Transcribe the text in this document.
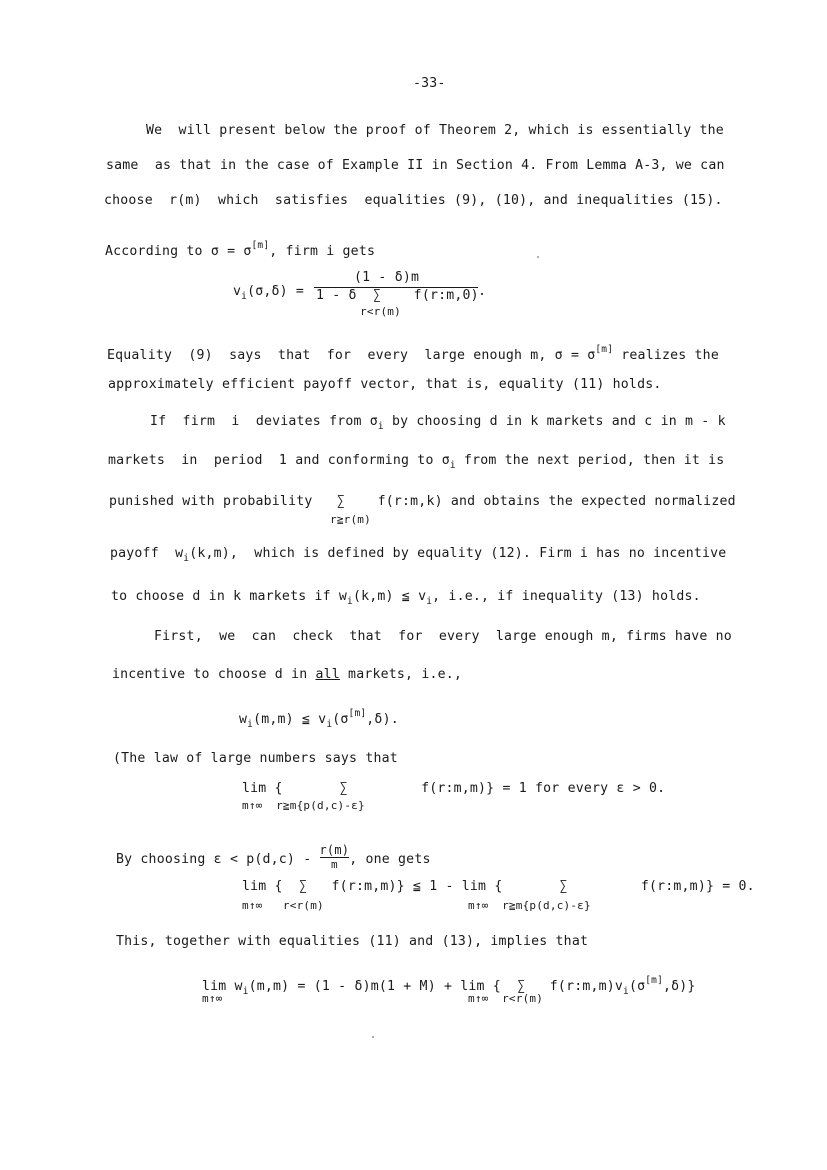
-33-
We  will present below the proof of Theorem 2, which is essentially the
same  as that in the case of Example II in Section 4. From Lemma A-3, we can
choose  r(m)  which  satisfies  equalities (9), (10), and inequalities (15).
According to σ = σ[m], firm i gets
$v_i(\sigma,\delta)$ =
(1 - δ)m
1 - δ  ∑    f(r:m,0)
r<r(m)
.
Equality  (9)  says  that  for  every  large enough m, σ = σ[m] realizes the
approximately efficient payoff vector, that is, equality (11) holds.
If  firm  i  deviates from $\sigma_i$ by choosing d in k markets and c in m - k
markets  in  period  1 and conforming to $\sigma_i$ from the next period, then it is
punished with probability   ∑    f(r:m,k) and obtains the expected normalized
r≧r(m)
payoff  $w_i(k,m)$,  which is defined by equality (12). Firm i has no incentive
to choose d in k markets if $w_i(k,m)$ ≦ $v_i$, i.e., if inequality (13) holds.
First,  we  can  check  that  for  every  large enough m, firms have no
incentive to choose d in all markets, i.e.,
$w_i(m,m)$ ≦ $v_i(\sigma[m],\delta)$.
(The law of large numbers says that
lim {       ∑         f(r:m,m)} = 1 for every ε > 0.
m↑∞  r≧m{p(d,c)-ε}
By choosing $\varepsilon < p(d,c) - \frac{r(m)}{m}$ , one gets
lim {  ∑   f(r:m,m)} ≦ 1 - lim {       ∑         f(r:m,m)} = 0.
m↑∞   r<r(m)	m↑∞  r≧m{p(d,c)-ε}
This, together with equalities (11) and (13), implies that
$\lim w_i(m,m) = (1 - \delta)m(1 + M) + \lim$ {  ∑   $f(r:m,m)v_i(\sigma[m],\delta)$}
m↑∞	m↑∞  r<r(m)
